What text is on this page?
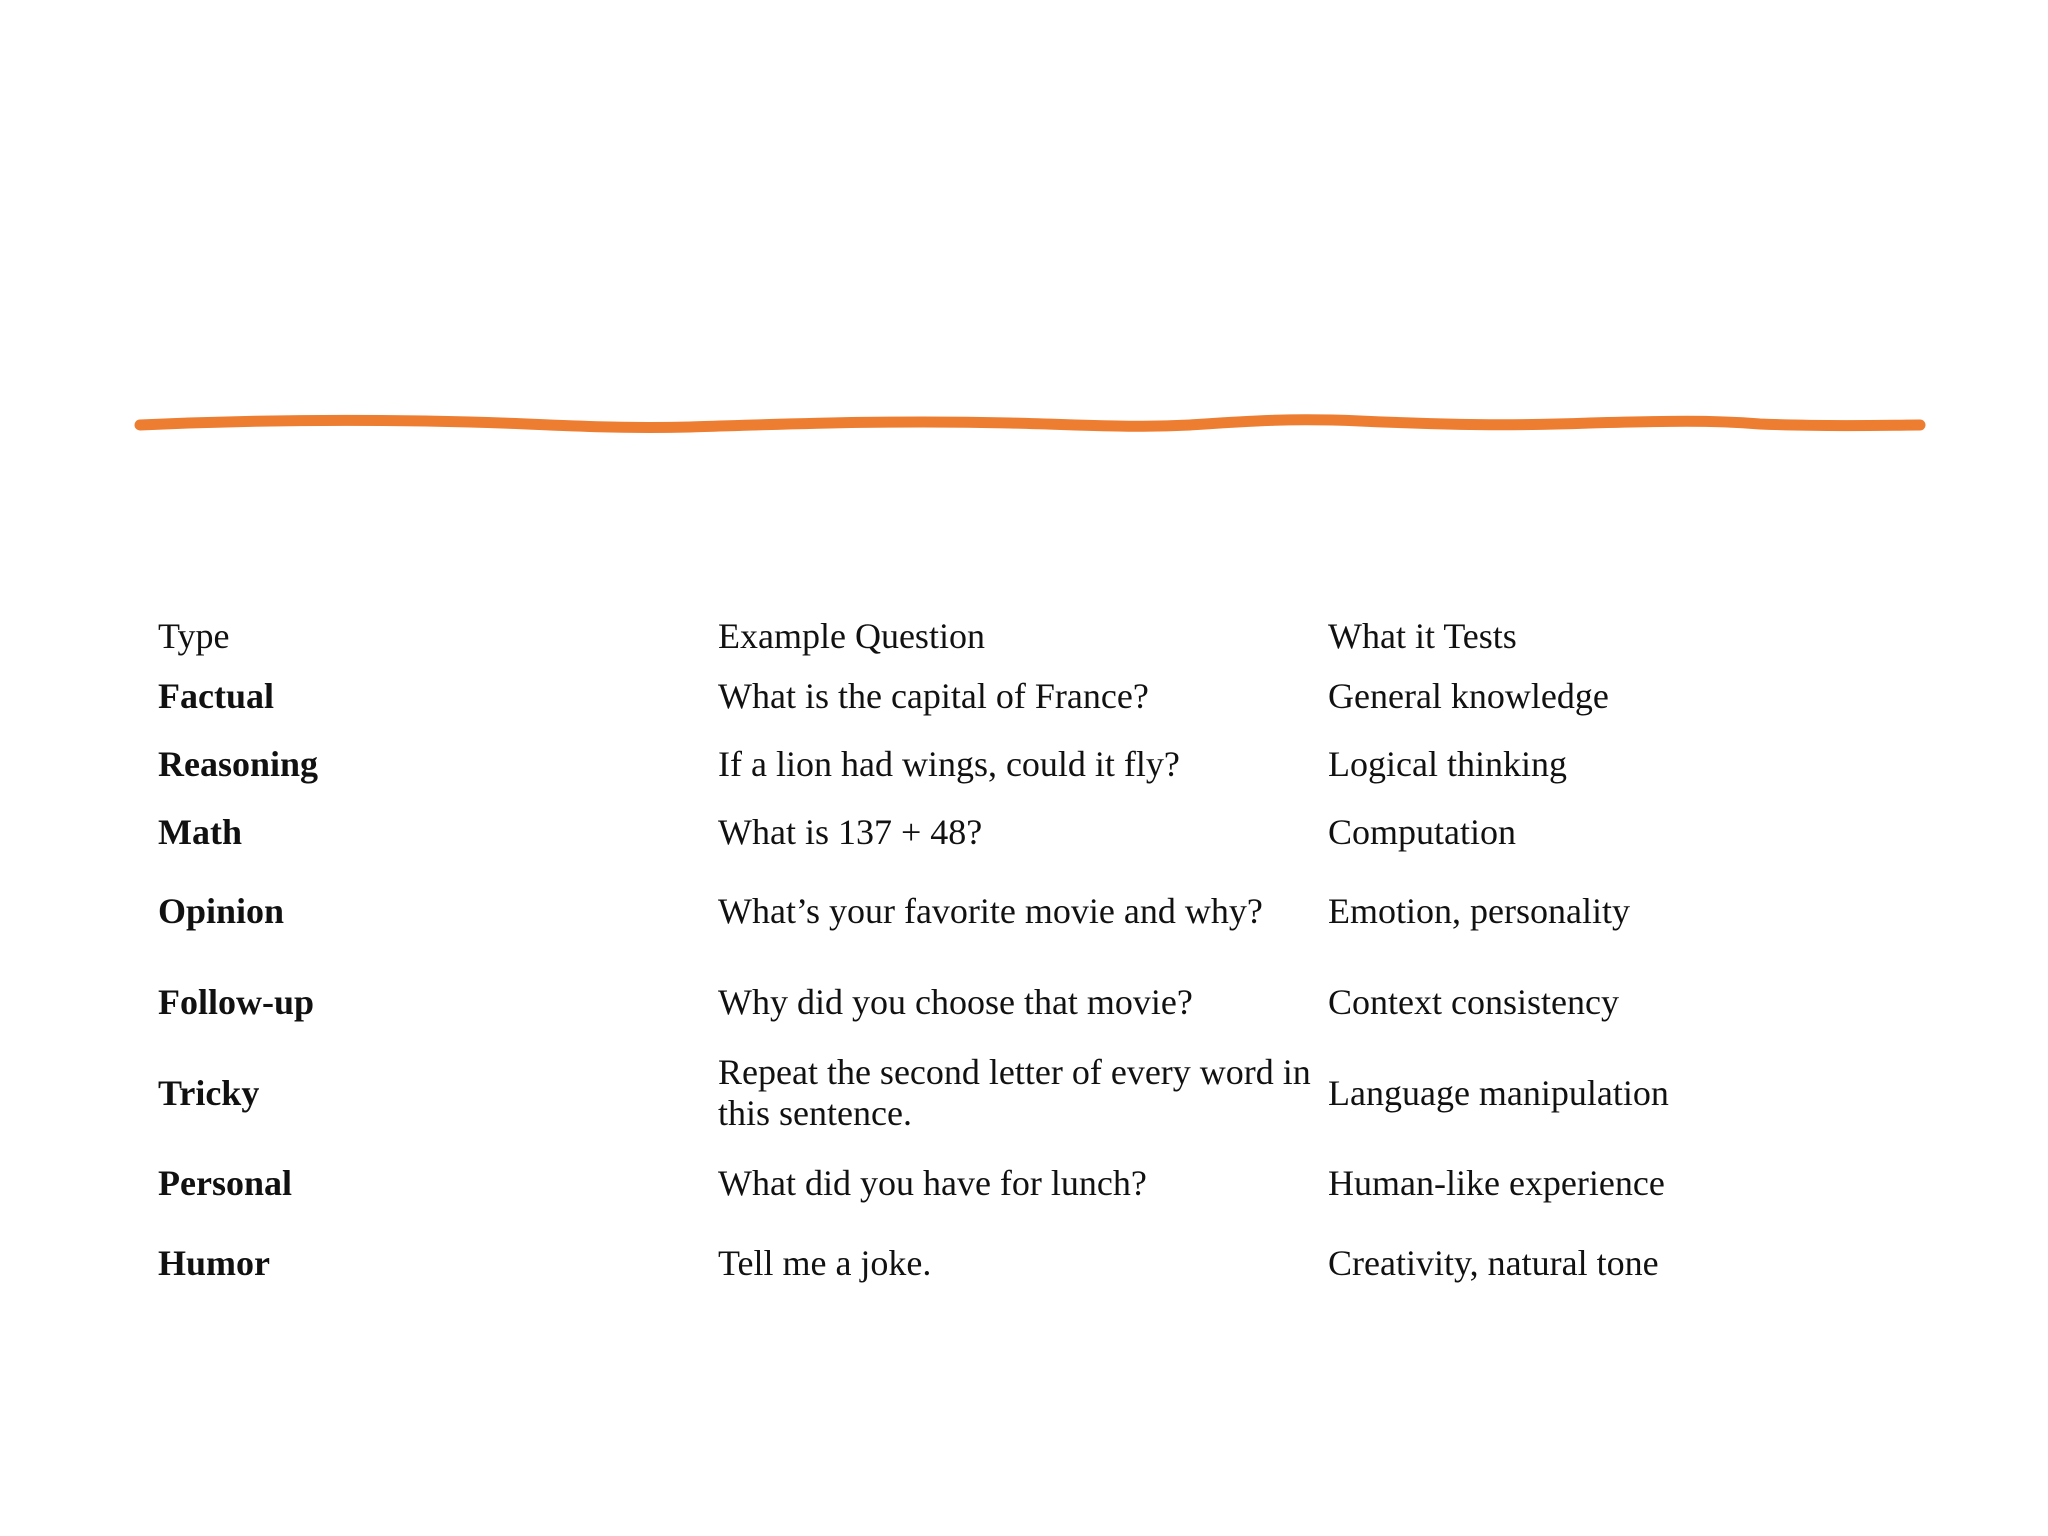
Type	Example Question	What it Tests
Factual	What is the capital of France?	General knowledge
Reasoning	If a lion had wings, could it fly?	Logical thinking
Math	What is 137 + 48?	Computation
Opinion	What’s your favorite movie and why?	Emotion, personality
Follow-up	Why did you choose that movie?	Context consistency
Tricky	Repeat the second letter of every word in this sentence.	Language manipulation
Personal	What did you have for lunch?	Human-like experience
Humor	Tell me a joke.	Creativity, natural tone
